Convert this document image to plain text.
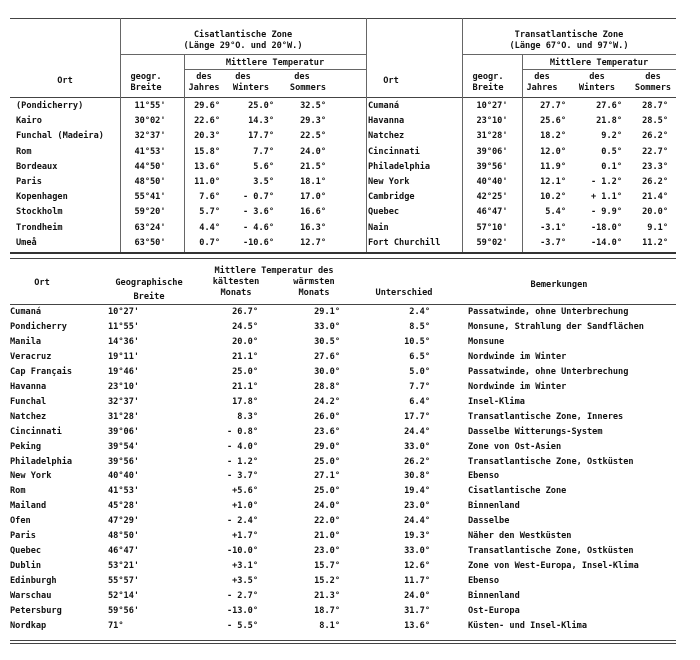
Cisatlantische Zone
(Länge 29°O. und 20°W.)
Transatlantische Zone
(Länge 67°O. und 97°W.)
Mittlere Temperatur	Mittlere Temperatur
Ort	geogr.
Breite
des
Jahres
des
Winters
des
Sommers
Ort	geogr.
Breite
des
Jahres
des
Winters
des
Sommers
(Pondicherry)	11°55'	29.6°	25.0°	32.5°
Kairo	30°02'	22.6°	14.3°	29.3°
Funchal (Madeira)	32°37'	20.3°	17.7°	22.5°
Rom	41°53'	15.8°	7.7°	24.0°
Bordeaux	44°50'	13.6°	5.6°	21.5°
Paris	48°50'	11.0°	3.5°	18.1°
Kopenhagen	55°41'	7.6°	- 0.7°	17.0°
Stockholm	59°20'	5.7°	- 3.6°	16.6°
Trondheim	63°24'	4.4°	- 4.6°	16.3°
Umeå	63°50'	0.7°	-10.6°	12.7°
Cumaná	10°27'	27.7°	27.6°	28.7°
Havanna	23°10'	25.6°	21.8°	28.5°
Natchez	31°28'	18.2°	9.2°	26.2°
Cincinnati	39°06'	12.0°	0.5°	22.7°
Philadelphia	39°56'	11.9°	0.1°	23.3°
New York	40°40'	12.1°	- 1.2°	26.2°
Cambridge	42°25'	10.2°	+ 1.1°	21.4°
Quebec	46°47'	5.4°	- 9.9°	20.0°
Nain	57°10'	-3.1°	-18.0°	9.1°
Fort Churchill	59°02'	-3.7°	-14.0°	11.2°
Ort	Geographische
Breite
Mittlere Temperatur des
kältesten
Monats
wärmsten
Monats	Unterschied
Bemerkungen
Cumaná	10°27'	26.7°	29.1°	2.4°	Passatwinde, ohne Unterbrechung
Pondicherry	11°55'	24.5°	33.0°	8.5°	Monsune, Strahlung der Sandflächen
Manila	14°36'	20.0°	30.5°	10.5°	Monsune
Veracruz	19°11'	21.1°	27.6°	6.5°	Nordwinde im Winter
Cap Français	19°46'	25.0°	30.0°	5.0°	Passatwinde, ohne Unterbrechung
Havanna	23°10'	21.1°	28.8°	7.7°	Nordwinde im Winter
Funchal	32°37'	17.8°	24.2°	6.4°	Insel-Klima
Natchez	31°28'	8.3°	26.0°	17.7°	Transatlantische Zone, Inneres
Cincinnati	39°06'	- 0.8°	23.6°	24.4°	Dasselbe Witterungs-System
Peking	39°54'	- 4.0°	29.0°	33.0°	Zone von Ost-Asien
Philadelphia	39°56'	- 1.2°	25.0°	26.2°	Transatlantische Zone, Ostküsten
New York	40°40'	- 3.7°	27.1°	30.8°	Ebenso
Rom	41°53'	+5.6°	25.0°	19.4°	Cisatlantische Zone
Mailand	45°28'	+1.0°	24.0°	23.0°	Binnenland
Ofen	47°29'	- 2.4°	22.0°	24.4°	Dasselbe
Paris	48°50'	+1.7°	21.0°	19.3°	Näher den Westküsten
Quebec	46°47'	-10.0°	23.0°	33.0°	Transatlantische Zone, Ostküsten
Dublin	53°21'	+3.1°	15.7°	12.6°	Zone von West-Europa, Insel-Klima
Edinburgh	55°57'	+3.5°	15.2°	11.7°	Ebenso
Warschau	52°14'	- 2.7°	21.3°	24.0°	Binnenland
Petersburg	59°56'	-13.0°	18.7°	31.7°	Ost-Europa
Nordkap	71°	- 5.5°	8.1°	13.6°	Küsten- und Insel-Klima
